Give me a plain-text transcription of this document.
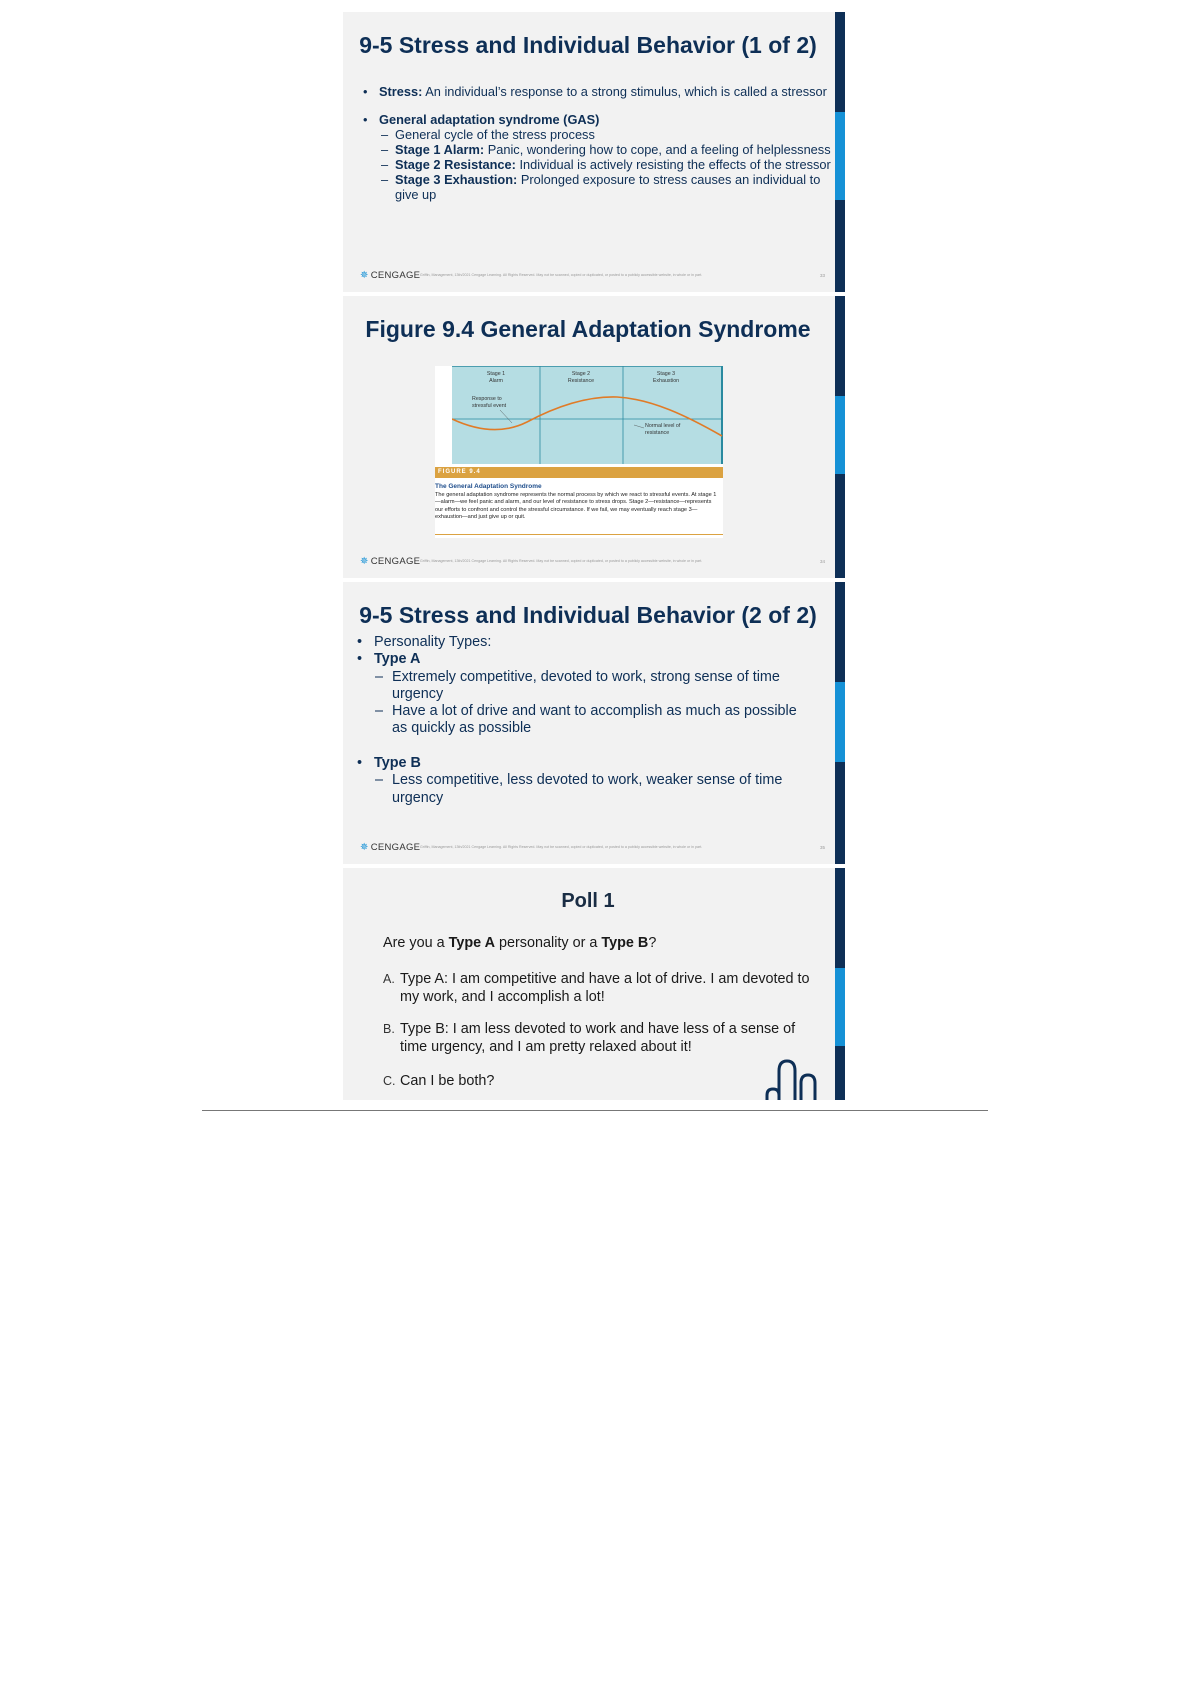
9-5 Stress and Individual Behavior (1 of 2)
• Stress: An individual’s response to a strong stimulus, which is called a stressor
• General adaptation syndrome (GAS)
– General cycle of the stress process
– Stage 1 Alarm: Panic, wondering how to cope, and a feeling of helplessness
– Stage 2 Resistance: Individual is actively resisting the effects of the stressor
– Stage 3 Exhaustion: Prolonged exposure to stress causes an individual to give up
✵ CENGAGE Griffin, Management, 13th/2021 Cengage Learning. All Rights Reserved. May not be scanned, copied or duplicated, or posted to a publicly accessible website, in whole or in part.	33
Figure 9.4 General Adaptation Syndrome
Stage 1
Alarm
Stage 2
Resistance
Stage 3
Exhaustion
Response to stressful event
Normal level of resistance
FIGURE 9.4
The General Adaptation Syndrome
The general adaptation syndrome represents the normal process by which we react to stressful events. At stage 1—alarm—we feel panic and alarm, and our level of resistance to stress drops. Stage 2—resistance—represents our efforts to confront and control the stressful circumstance. If we fail, we may eventually reach stage 3—exhaustion—and just give up or quit.
✵ CENGAGE Griffin, Management, 13th/2021 Cengage Learning. All Rights Reserved. May not be scanned, copied or duplicated, or posted to a publicly accessible website, in whole or in part.	34
9-5 Stress and Individual Behavior (2 of 2)
• Personality Types:
• Type A
– Extremely competitive, devoted to work, strong sense of time urgency
– Have a lot of drive and want to accomplish as much as possible as quickly as possible
• Type B
– Less competitive, less devoted to work, weaker sense of time urgency
✵ CENGAGE Griffin, Management, 13th/2021 Cengage Learning. All Rights Reserved. May not be scanned, copied or duplicated, or posted to a publicly accessible website, in whole or in part.	35
Poll 1
Are you a Type A personality or a Type B?
A. Type A: I am competitive and have a lot of drive. I am devoted to my work, and I accomplish a lot!
B. Type B: I am less devoted to work and have less of a sense of time urgency, and I am pretty relaxed about it!
C. Can I be both?
